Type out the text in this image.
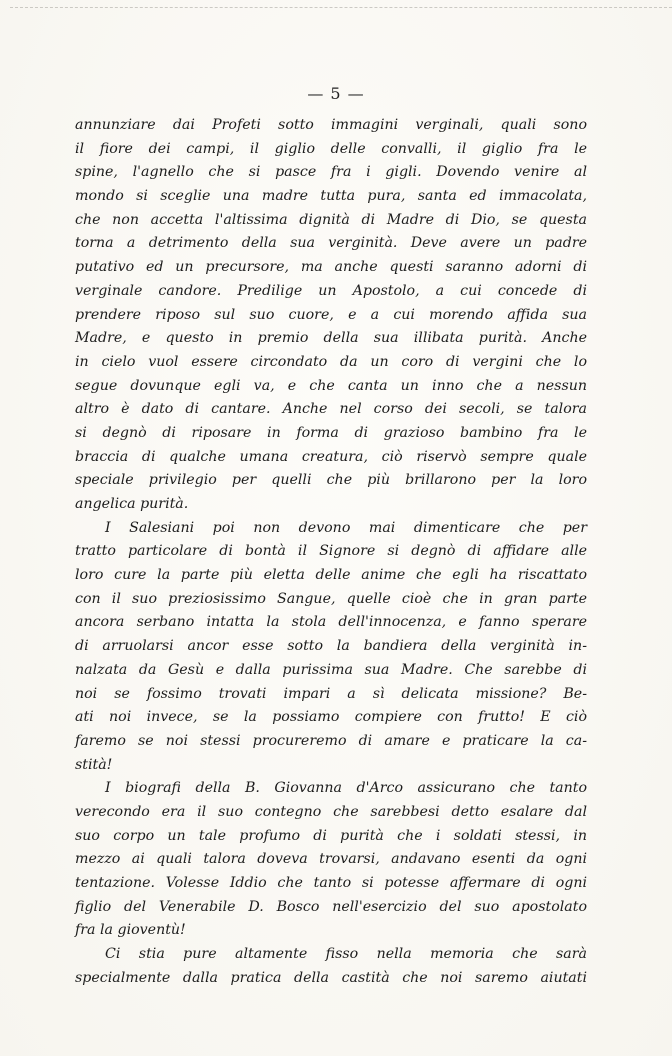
— 5 —
annunziare dai Profeti sotto immagini verginali, quali sono
il fiore dei campi, il giglio delle convalli, il giglio fra le
spine, l'agnello che si pasce fra i gigli. Dovendo venire al
mondo si sceglie una madre tutta pura, santa ed immacolata,
che non accetta l'altissima dignità di Madre di Dio, se questa
torna a detrimento della sua verginità. Deve avere un padre
putativo ed un precursore, ma anche questi saranno adorni di
verginale candore. Predilige un Apostolo, a cui concede di
prendere riposo sul suo cuore, e a cui morendo affida sua
Madre, e questo in premio della sua illibata purità. Anche
in cielo vuol essere circondato da un coro di vergini che lo
segue dovunque egli va, e che canta un inno che a nessun
altro è dato di cantare. Anche nel corso dei secoli, se talora
si degnò di riposare in forma di grazioso bambino fra le
braccia di qualche umana creatura, ciò riservò sempre quale
speciale privilegio per quelli che più brillarono per la loro
angelica purità.
I Salesiani poi non devono mai dimenticare che per
tratto particolare di bontà il Signore si degnò di affidare alle
loro cure la parte più eletta delle anime che egli ha riscattato
con il suo preziosissimo Sangue, quelle cioè che in gran parte
ancora serbano intatta la stola dell'innocenza, e fanno sperare
di arruolarsi ancor esse sotto la bandiera della verginità in-
nalzata da Gesù e dalla purissima sua Madre. Che sarebbe di
noi se fossimo trovati impari a sì delicata missione? Be-
ati noi invece, se la possiamo compiere con frutto! E ciò
faremo se noi stessi procureremo di amare e praticare la ca-
stità!
I biografi della B. Giovanna d'Arco assicurano che tanto
verecondo era il suo contegno che sarebbesi detto esalare dal
suo corpo un tale profumo di purità che i soldati stessi, in
mezzo ai quali talora doveva trovarsi, andavano esenti da ogni
tentazione. Volesse Iddio che tanto si potesse affermare di ogni
figlio del Venerabile D. Bosco nell'esercizio del suo apostolato
fra la gioventù!
Ci stia pure altamente fisso nella memoria che sarà
specialmente dalla pratica della castità che noi saremo aiutati
